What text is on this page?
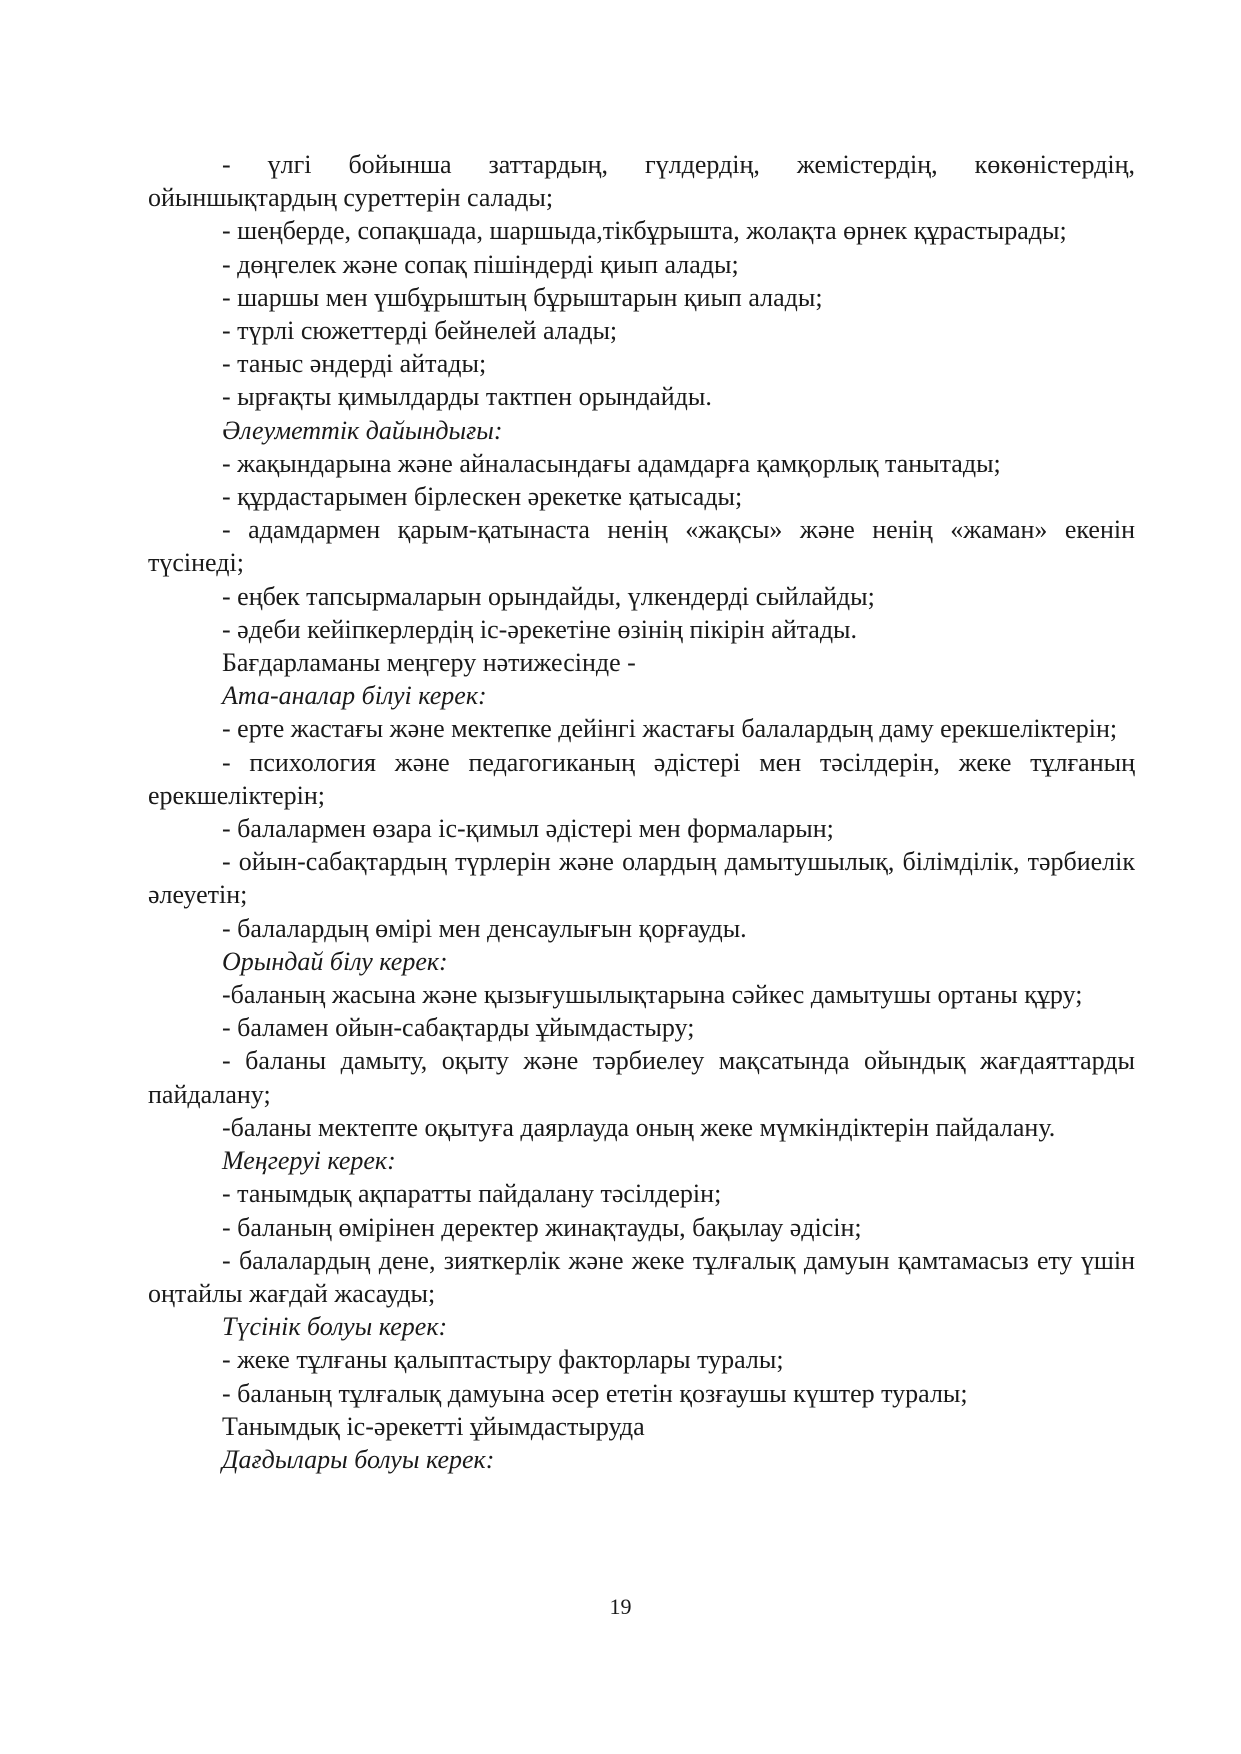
- үлгі бойынша заттардың, гүлдердің, жемістердің, көкөністердің, ойыншықтардың суреттерін салады;

- шеңберде, сопақшада, шаршыда,тікбұрышта, жолақта өрнек құрастырады;

- дөңгелек және сопақ пішіндерді қиып алады;

- шаршы мен үшбұрыштың бұрыштарын қиып алады;

- түрлі сюжеттерді бейнелей алады;

- таныс әндерді айтады;

- ырғақты қимылдарды тактпен орындайды.

Әлеуметтік дайындығы:

- жақындарына және айналасындағы адамдарға қамқорлық танытады;

- құрдастарымен бірлескен әрекетке қатысады;

- адамдармен қарым-қатынаста ненің «жақсы» және ненің «жаман» екенін түсінеді;

- еңбек тапсырмаларын орындайды, үлкендерді сыйлайды;

- әдеби кейіпкерлердің іс-әрекетіне өзінің пікірін айтады.

Бағдарламаны меңгеру нәтижесінде -

Ата-аналар білуі керек:

- ерте жастағы және мектепке дейінгі жастағы балалардың даму ерекшеліктерін;

- психология және педагогиканың әдістері мен тәсілдерін, жеке тұлғаның ерекшеліктерін;

- балалармен өзара іс-қимыл әдістері мен формаларын;

- ойын-сабақтардың түрлерін және олардың дамытушылық, білімділік, тәрбиелік әлеуетін;

- балалардың өмірі мен денсаулығын қорғауды.

Орындай білу керек:

-баланың жасына және қызығушылықтарына сәйкес дамытушы ортаны құру;

- баламен ойын-сабақтарды ұйымдастыру;

- баланы дамыту, оқыту және тәрбиелеу мақсатында ойындық жағдаяттарды пайдалану;

-баланы мектепте оқытуға даярлауда оның жеке мүмкіндіктерін пайдалану.

Меңгеруі керек:

- танымдық ақпаратты пайдалану тәсілдерін;

- баланың өмірінен деректер жинақтауды, бақылау әдісін;

- балалардың дене, зияткерлік және жеке тұлғалық дамуын қамтамасыз ету үшін оңтайлы жағдай жасауды;

Түсінік болуы керек:

- жеке тұлғаны қалыптастыру факторлары туралы;

- баланың тұлғалық дамуына әсер ететін қозғаушы күштер туралы;

Танымдық іс-әрекетті ұйымдастыруда

Дағдылары болуы керек:

19
